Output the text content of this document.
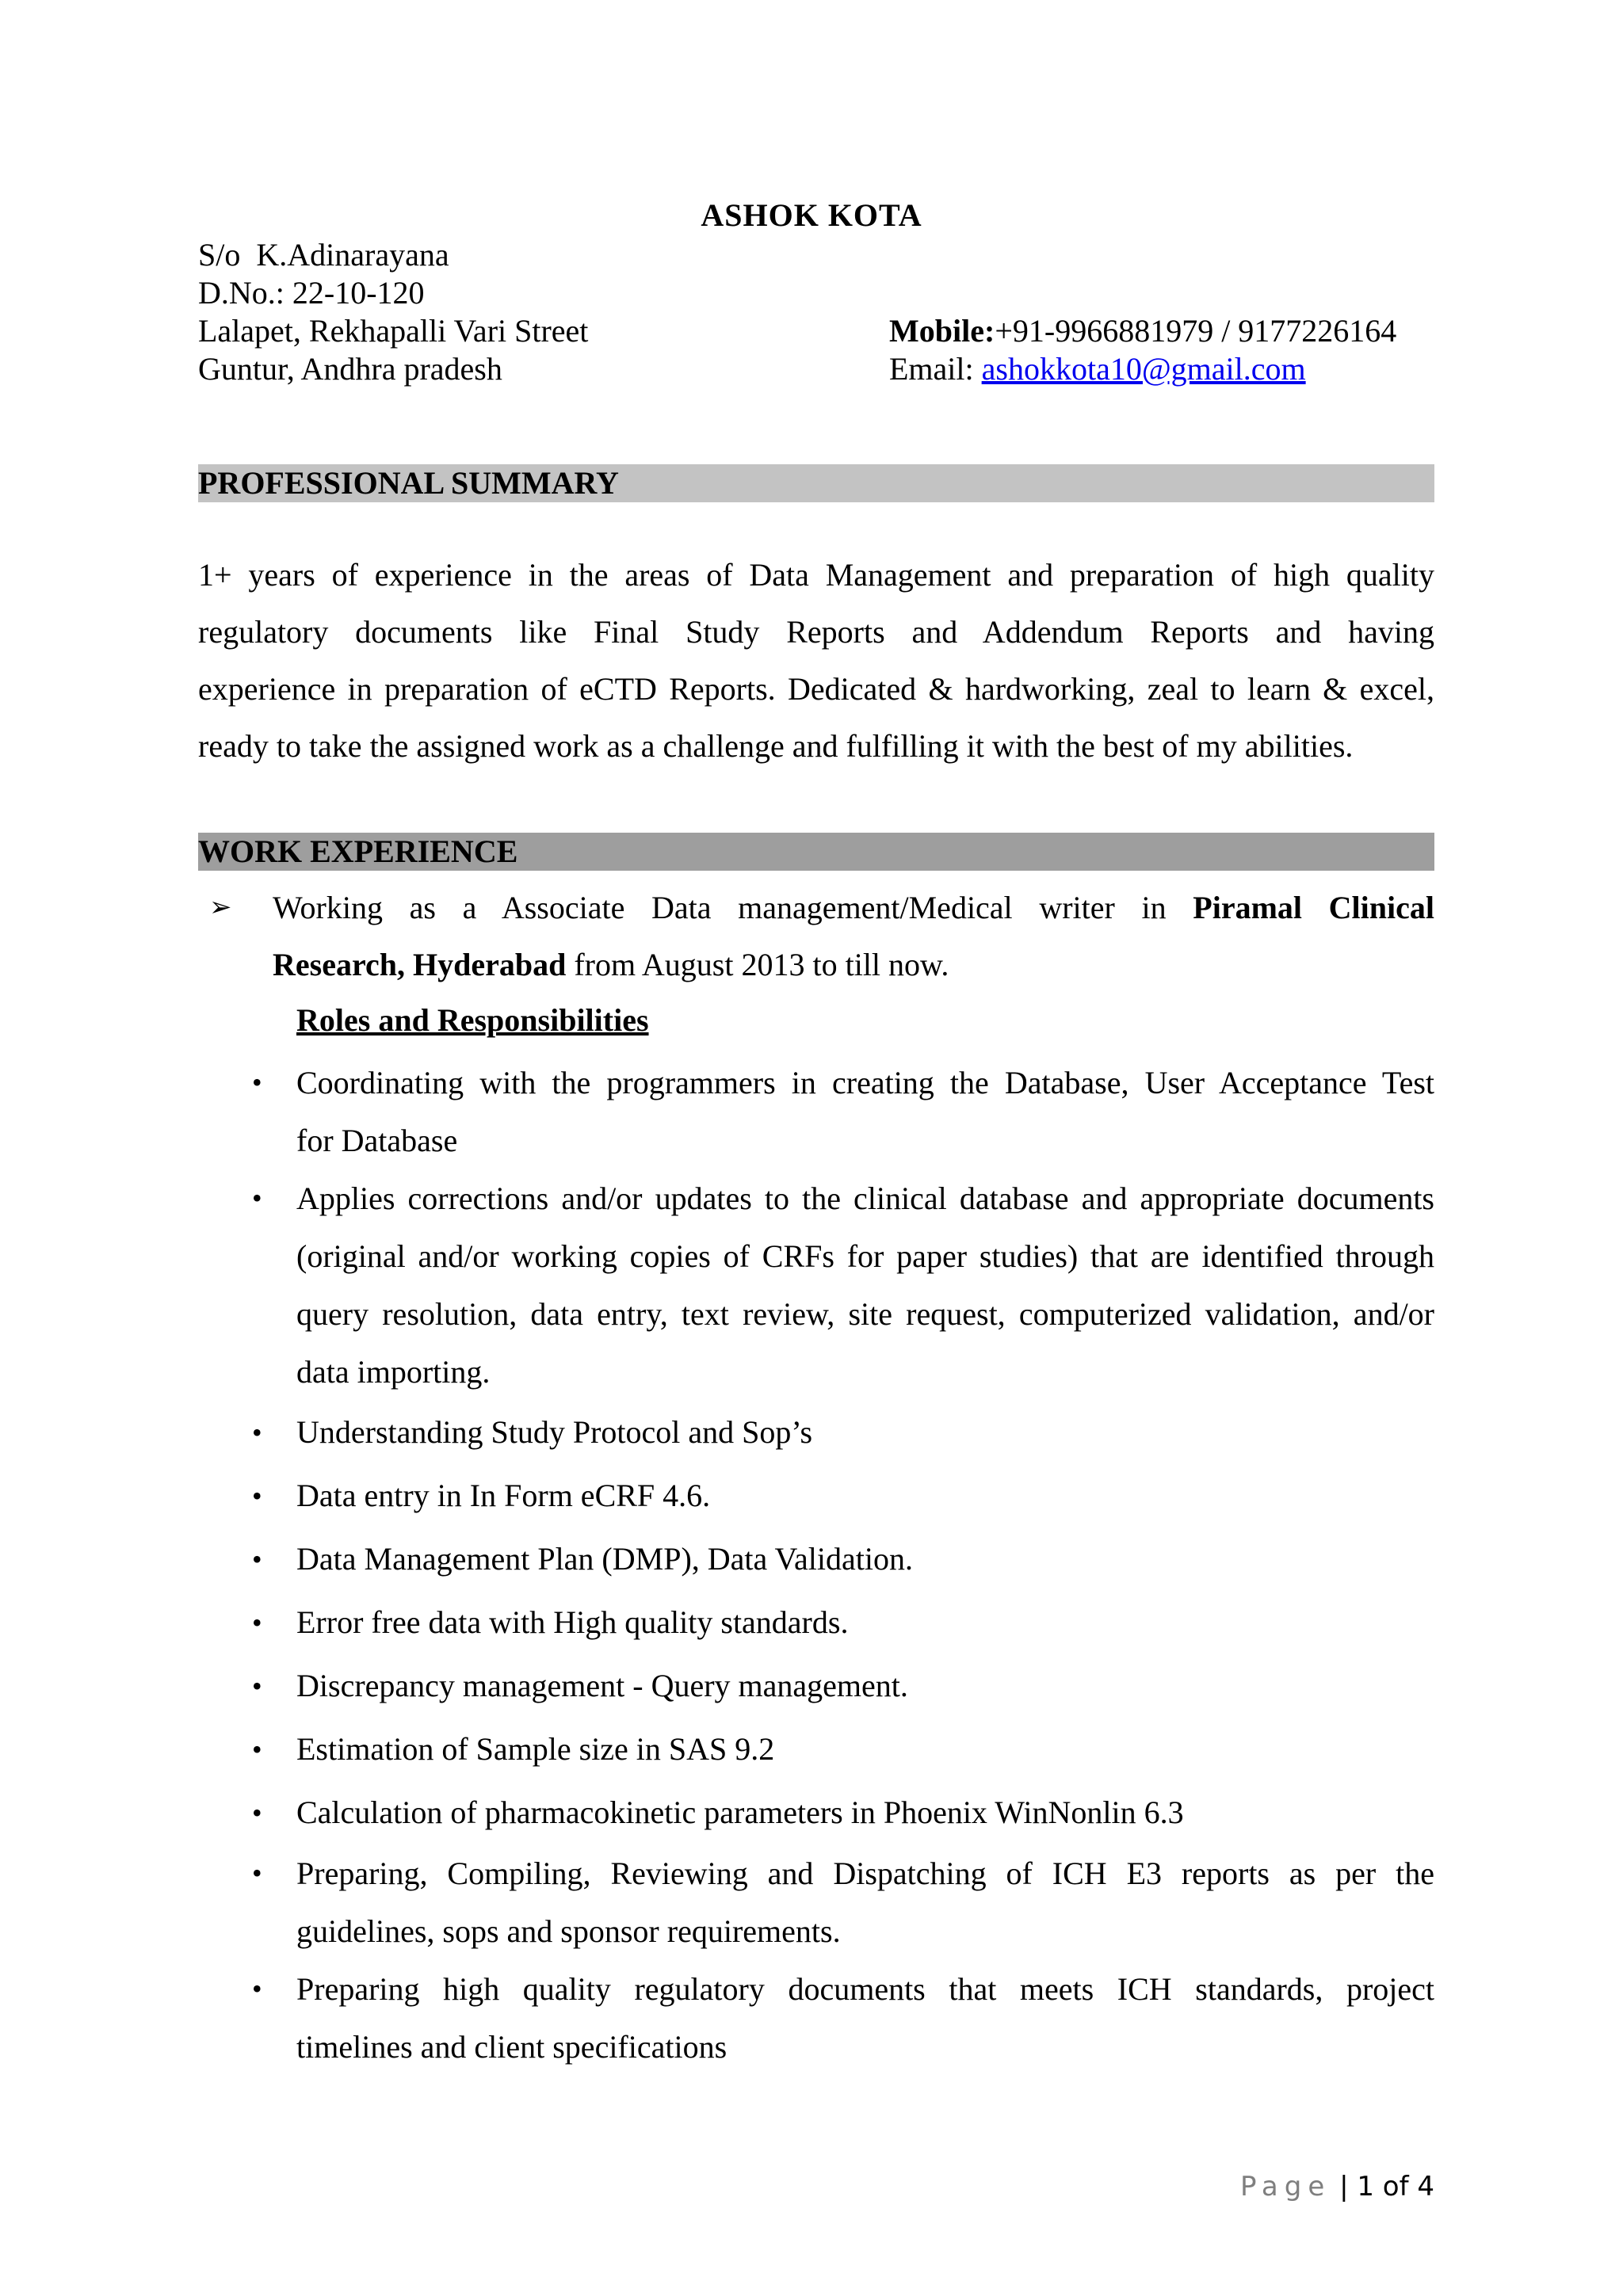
ASHOK KOTA
S/o  K.Adinarayana
D.No.: 22-10-120
Lalapet, Rekhapalli Vari Street
Guntur, Andhra pradesh
Mobile:+91-9966881979 / 9177226164
Email: ashokkota10@gmail.com
PROFESSIONAL SUMMARY
1+ years of experience in the areas of Data Management and preparation of high quality
regulatory documents like Final Study Reports and Addendum Reports and having
experience in preparation of eCTD Reports. Dedicated & hardworking, zeal to learn & excel,
ready to take the assigned work as a challenge and fulfilling it with the best of my abilities.
WORK EXPERIENCE
➢ Working as a Associate Data management/Medical writer in Piramal Clinical
Research, Hyderabad from August 2013 to till now.
Roles and Responsibilities
• Coordinating with the programmers in creating the Database, User Acceptance Test
for Database
• Applies corrections and/or updates to the clinical database and appropriate documents
(original and/or working copies of CRFs for paper studies) that are identified through
query resolution, data entry, text review, site request, computerized validation, and/or
data importing.
• Understanding Study Protocol and Sop’s
• Data entry in In Form eCRF 4.6.
• Data Management Plan (DMP), Data Validation.
• Error free data with High quality standards.
• Discrepancy management - Query management.
• Estimation of Sample size in SAS 9.2
• Calculation of pharmacokinetic parameters in Phoenix WinNonlin 6.3
• Preparing, Compiling, Reviewing and Dispatching of ICH E3 reports as per the
guidelines, sops and sponsor requirements.
• Preparing high quality regulatory documents that meets ICH standards, project
timelines and client specifications
Page | 1 of 4
